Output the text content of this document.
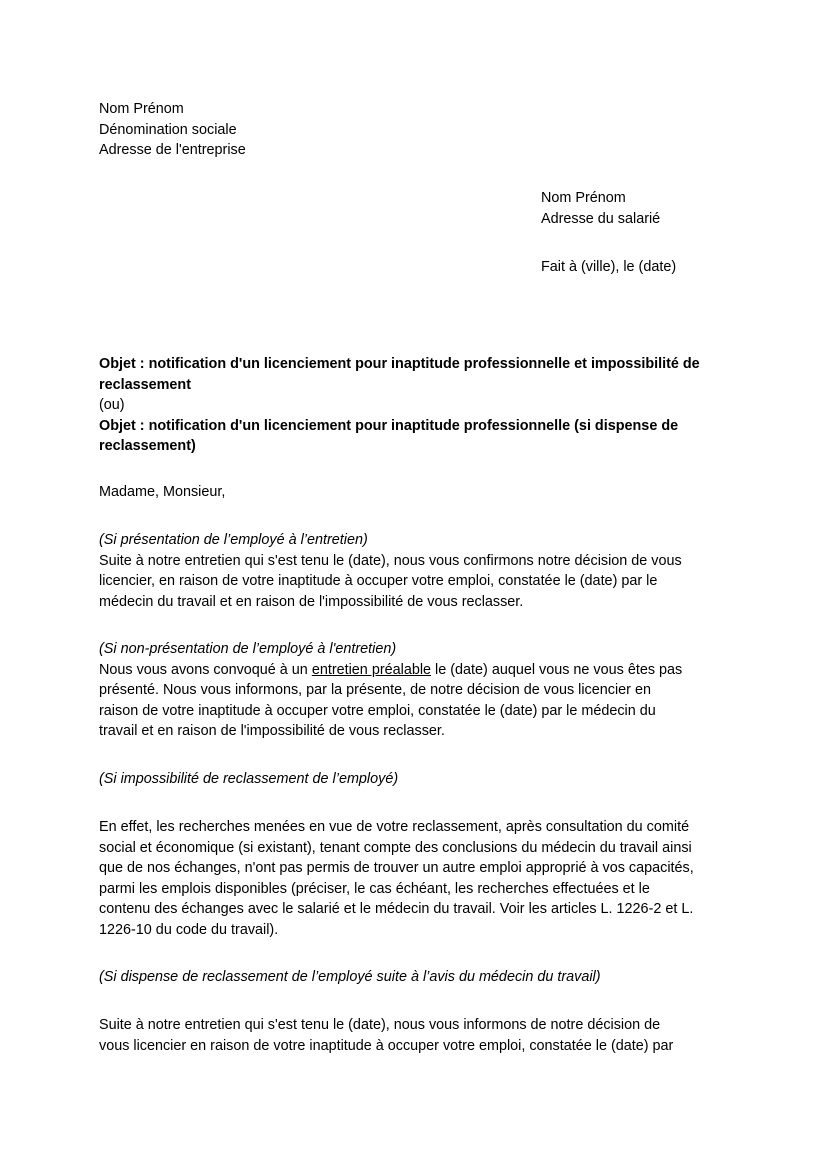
Nom Prénom
Dénomination sociale
Adresse de l'entreprise
Nom Prénom
Adresse du salarié
Fait à (ville), le (date)
Objet : notification d'un licenciement pour inaptitude professionnelle et impossibilité de
reclassement
(ou)
Objet : notification d'un licenciement pour inaptitude professionnelle (si dispense de
reclassement)
Madame, Monsieur,
(Si présentation de l’employé à l’entretien)
Suite à notre entretien qui s'est tenu le (date), nous vous confirmons notre décision de vous
licencier, en raison de votre inaptitude à occuper votre emploi, constatée le (date) par le
médecin du travail et en raison de l'impossibilité de vous reclasser.
(Si non-présentation de l’employé à l'entretien)
Nous vous avons convoqué à un entretien préalable le (date) auquel vous ne vous êtes pas
présenté. Nous vous informons, par la présente, de notre décision de vous licencier en
raison de votre inaptitude à occuper votre emploi, constatée le (date) par le médecin du
travail et en raison de l'impossibilité de vous reclasser.
(Si impossibilité de reclassement de l’employé)
En effet, les recherches menées en vue de votre reclassement, après consultation du comité
social et économique (si existant), tenant compte des conclusions du médecin du travail ainsi
que de nos échanges, n'ont pas permis de trouver un autre emploi approprié à vos capacités,
parmi les emplois disponibles (préciser, le cas échéant, les recherches effectuées et le
contenu des échanges avec le salarié et le médecin du travail. Voir les articles L. 1226-2 et L.
1226-10 du code du travail).
(Si dispense de reclassement de l’employé suite à l’avis du médecin du travail)
Suite à notre entretien qui s'est tenu le (date), nous vous informons de notre décision de
vous licencier en raison de votre inaptitude à occuper votre emploi, constatée le (date) par
